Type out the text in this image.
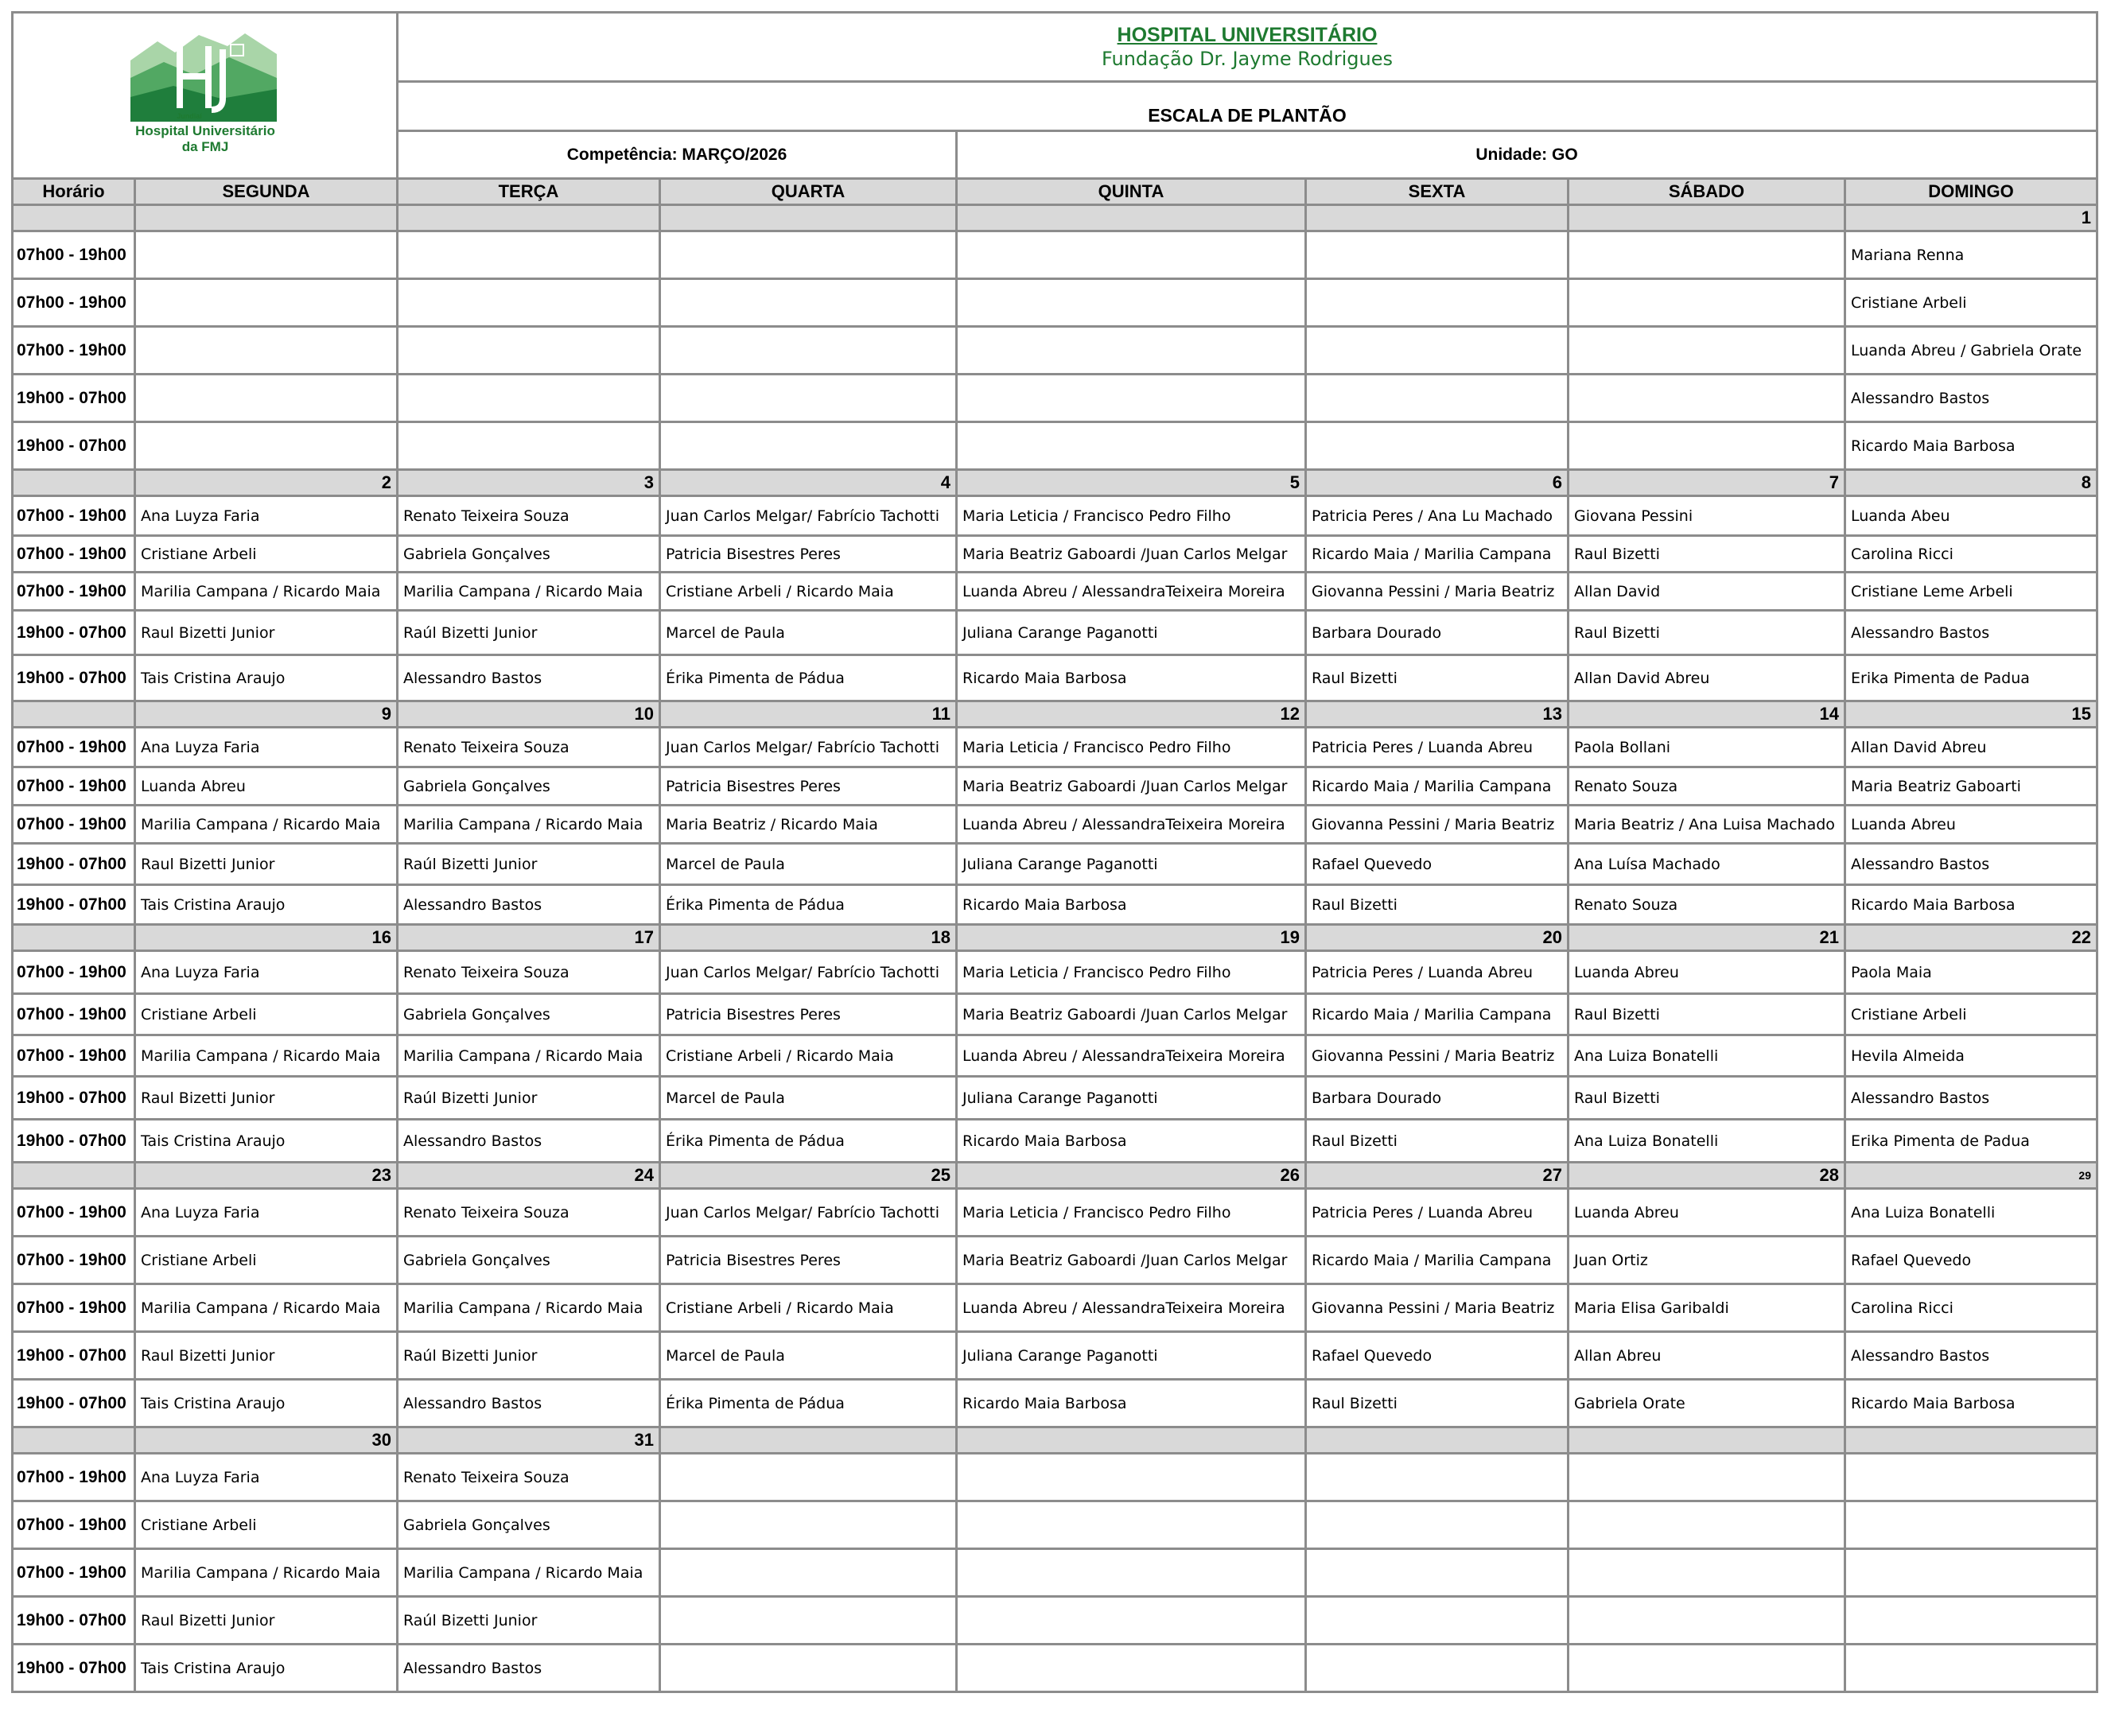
Jundiaí
Hospital Universitário
da FMJ		HOSPITAL UNIVERSITÁRIO
Fundação Dr. Jayme Rodrigues					

		ESCALA DE PLANTÃO					
		Competência: MARÇO/2026		Unidade: GO			
Horário	SEGUNDA	TERÇA	QUARTA	QUINTA	SEXTA	SÁBADO	DOMINGO
							1
07h00 - 19h00							Mariana Renna
07h00 - 19h00							Cristiane Arbeli
07h00 - 19h00							Luanda Abreu / Gabriela Orate
19h00 - 07h00							Alessandro Bastos
19h00 - 07h00							Ricardo Maia Barbosa
	2	3	4	5	6	7	8
07h00 - 19h00	Ana Luyza Faria	Renato Teixeira Souza	Juan Carlos Melgar/ Fabrício Tachotti	Maria Leticia / Francisco Pedro Filho	Patricia Peres / Ana Lu Machado	Giovana Pessini	Luanda Abeu
07h00 - 19h00	Cristiane Arbeli	Gabriela Gonçalves	Patricia Bisestres Peres	Maria Beatriz Gaboardi /Juan Carlos Melgar	Ricardo Maia / Marilia Campana	Raul Bizetti	Carolina Ricci
07h00 - 19h00	Marilia Campana / Ricardo Maia	Marilia Campana / Ricardo Maia	Cristiane Arbeli / Ricardo Maia	Luanda Abreu / AlessandraTeixeira Moreira	Giovanna Pessini / Maria Beatriz	Allan David	Cristiane Leme Arbeli
19h00 - 07h00	Raul Bizetti Junior	Raúl Bizetti Junior	Marcel de Paula	Juliana Carange Paganotti	Barbara Dourado	Raul Bizetti	Alessandro Bastos
19h00 - 07h00	Tais Cristina Araujo	Alessandro Bastos	Érika Pimenta de Pádua	Ricardo Maia Barbosa	Raul Bizetti	Allan David Abreu	Erika Pimenta de Padua
	9	10	11	12	13	14	15
07h00 - 19h00	Ana Luyza Faria	Renato Teixeira Souza	Juan Carlos Melgar/ Fabrício Tachotti	Maria Leticia / Francisco Pedro Filho	Patricia Peres / Luanda Abreu	Paola Bollani	Allan David Abreu
07h00 - 19h00	Luanda Abreu	Gabriela Gonçalves	Patricia Bisestres Peres	Maria Beatriz Gaboardi /Juan Carlos Melgar	Ricardo Maia / Marilia Campana	Renato Souza	Maria Beatriz Gaboarti
07h00 - 19h00	Marilia Campana / Ricardo Maia	Marilia Campana / Ricardo Maia	Maria Beatriz / Ricardo Maia	Luanda Abreu / AlessandraTeixeira Moreira	Giovanna Pessini / Maria Beatriz	Maria Beatriz / Ana Luisa Machado	Luanda Abreu
19h00 - 07h00	Raul Bizetti Junior	Raúl Bizetti Junior	Marcel de Paula	Juliana Carange Paganotti	Rafael Quevedo	Ana Luísa Machado	Alessandro Bastos
19h00 - 07h00	Tais Cristina Araujo	Alessandro Bastos	Érika Pimenta de Pádua	Ricardo Maia Barbosa	Raul Bizetti	Renato Souza	Ricardo Maia Barbosa
	16	17	18	19	20	21	22
07h00 - 19h00	Ana Luyza Faria	Renato Teixeira Souza	Juan Carlos Melgar/ Fabrício Tachotti	Maria Leticia / Francisco Pedro Filho	Patricia Peres / Luanda Abreu	Luanda Abreu	Paola Maia
07h00 - 19h00	Cristiane Arbeli	Gabriela Gonçalves	Patricia Bisestres Peres	Maria Beatriz Gaboardi /Juan Carlos Melgar	Ricardo Maia / Marilia Campana	Raul Bizetti	Cristiane Arbeli
07h00 - 19h00	Marilia Campana / Ricardo Maia	Marilia Campana / Ricardo Maia	Cristiane Arbeli / Ricardo Maia	Luanda Abreu / AlessandraTeixeira Moreira	Giovanna Pessini / Maria Beatriz	Ana Luiza Bonatelli	Hevila Almeida
19h00 - 07h00	Raul Bizetti Junior	Raúl Bizetti Junior	Marcel de Paula	Juliana Carange Paganotti	Barbara Dourado	Raul Bizetti	Alessandro Bastos
19h00 - 07h00	Tais Cristina Araujo	Alessandro Bastos	Érika Pimenta de Pádua	Ricardo Maia Barbosa	Raul Bizetti	Ana Luiza Bonatelli	Erika Pimenta de Padua
	23	24	25	26	27	28	29
07h00 - 19h00	Ana Luyza Faria	Renato Teixeira Souza	Juan Carlos Melgar/ Fabrício Tachotti	Maria Leticia / Francisco Pedro Filho	Patricia Peres / Luanda Abreu	Luanda Abreu	Ana Luiza Bonatelli
07h00 - 19h00	Cristiane Arbeli	Gabriela Gonçalves	Patricia Bisestres Peres	Maria Beatriz Gaboardi /Juan Carlos Melgar	Ricardo Maia / Marilia Campana	Juan Ortiz	Rafael Quevedo
07h00 - 19h00	Marilia Campana / Ricardo Maia	Marilia Campana / Ricardo Maia	Cristiane Arbeli / Ricardo Maia	Luanda Abreu / AlessandraTeixeira Moreira	Giovanna Pessini / Maria Beatriz	Maria Elisa Garibaldi	Carolina Ricci
19h00 - 07h00	Raul Bizetti Junior	Raúl Bizetti Junior	Marcel de Paula	Juliana Carange Paganotti	Rafael Quevedo	Allan Abreu	Alessandro Bastos
19h00 - 07h00	Tais Cristina Araujo	Alessandro Bastos	Érika Pimenta de Pádua	Ricardo Maia Barbosa	Raul Bizetti	Gabriela Orate	Ricardo Maia Barbosa
	30	31					
07h00 - 19h00	Ana Luyza Faria	Renato Teixeira Souza					
07h00 - 19h00	Cristiane Arbeli	Gabriela Gonçalves					
07h00 - 19h00	Marilia Campana / Ricardo Maia	Marilia Campana / Ricardo Maia					
19h00 - 07h00	Raul Bizetti Junior	Raúl Bizetti Junior					
19h00 - 07h00	Tais Cristina Araujo	Alessandro Bastos					
